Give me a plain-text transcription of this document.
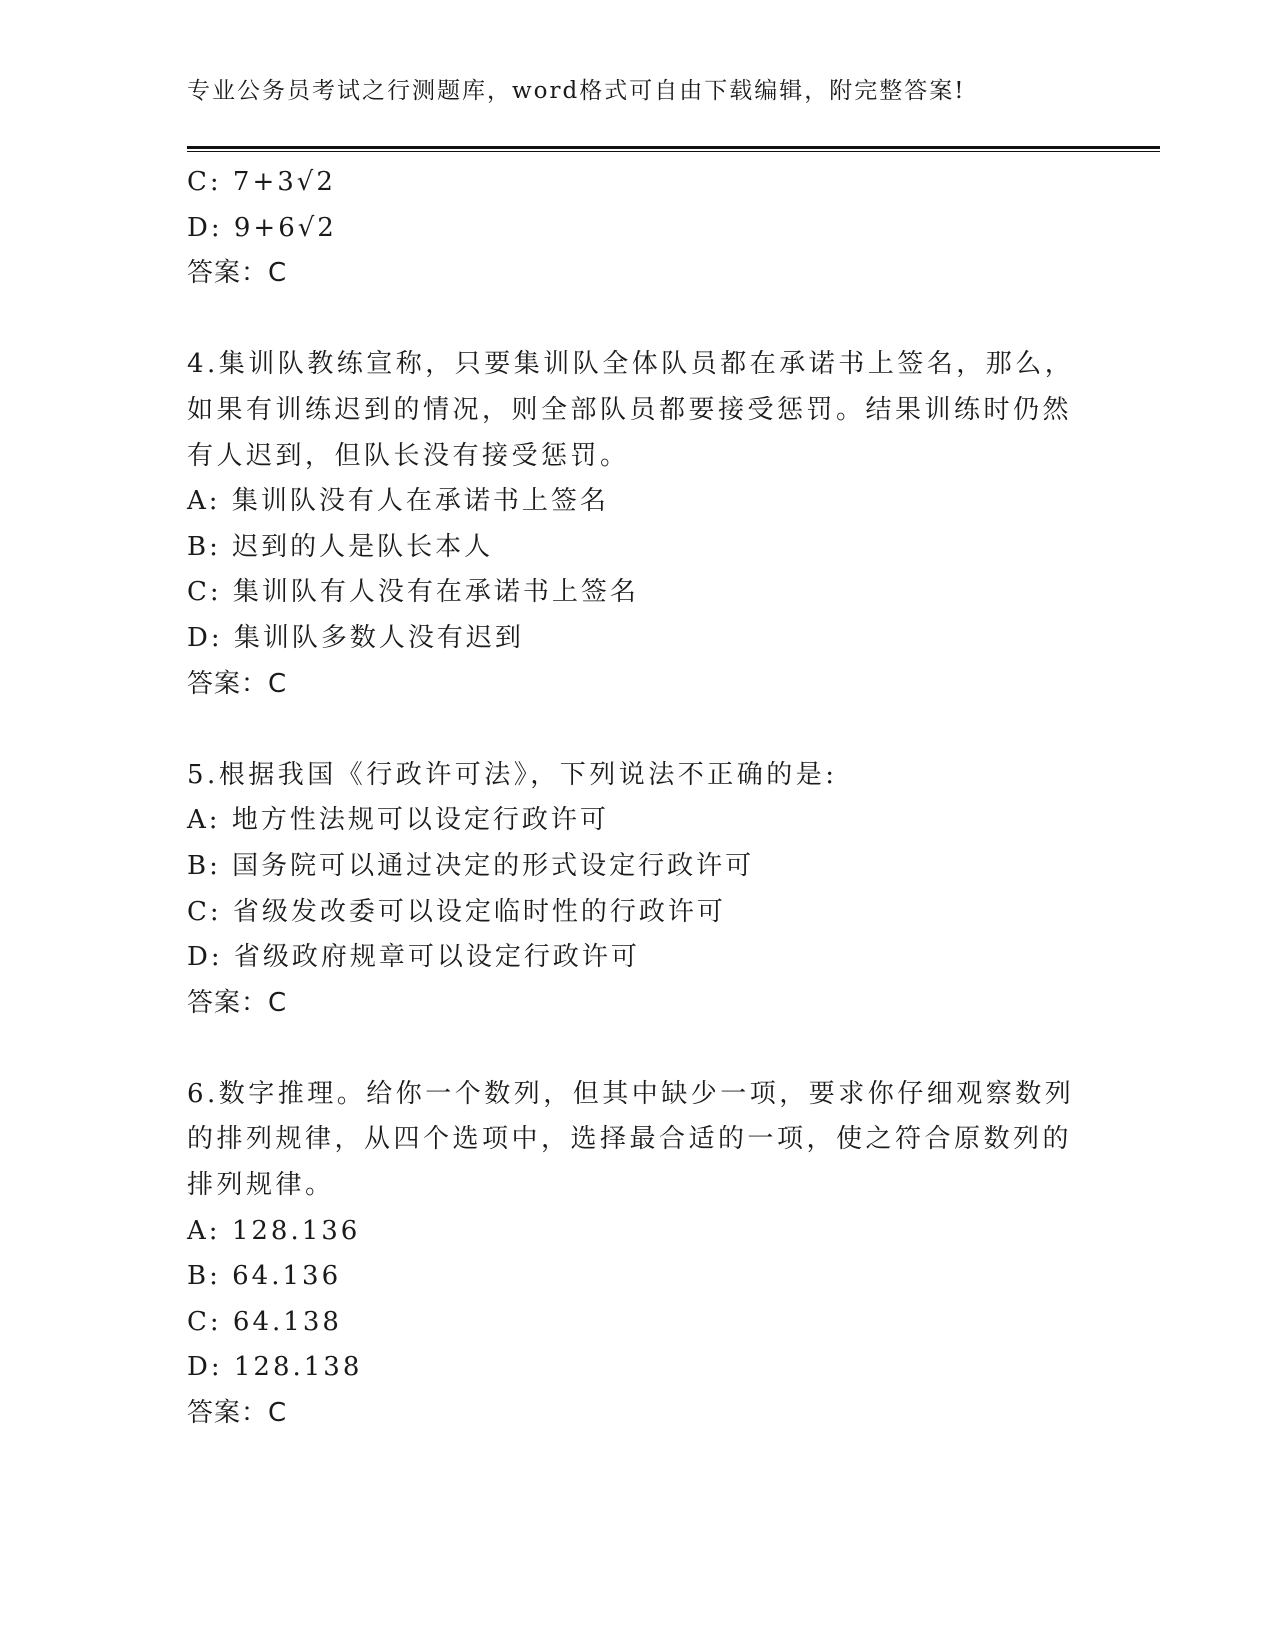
专业公务员考试之行测题库，word格式可自由下载编辑，附完整答案!
C: 7+3√2
D: 9+6√2
答案：C
4.集训队教练宣称，只要集训队全体队员都在承诺书上签名，那么，
如果有训练迟到的情况，则全部队员都要接受惩罚。结果训练时仍然
有人迟到，但队长没有接受惩罚。
A: 集训队没有人在承诺书上签名
B: 迟到的人是队长本人
C: 集训队有人没有在承诺书上签名
D: 集训队多数人没有迟到
答案：C
5.根据我国《行政许可法》，下列说法不正确的是:
A: 地方性法规可以设定行政许可
B: 国务院可以通过决定的形式设定行政许可
C: 省级发改委可以设定临时性的行政许可
D: 省级政府规章可以设定行政许可
答案：C
6.数字推理。给你一个数列，但其中缺少一项，要求你仔细观察数列
的排列规律，从四个选项中，选择最合适的一项，使之符合原数列的
排列规律。
A: 128.136
B: 64.136
C: 64.138
D: 128.138
答案：C
